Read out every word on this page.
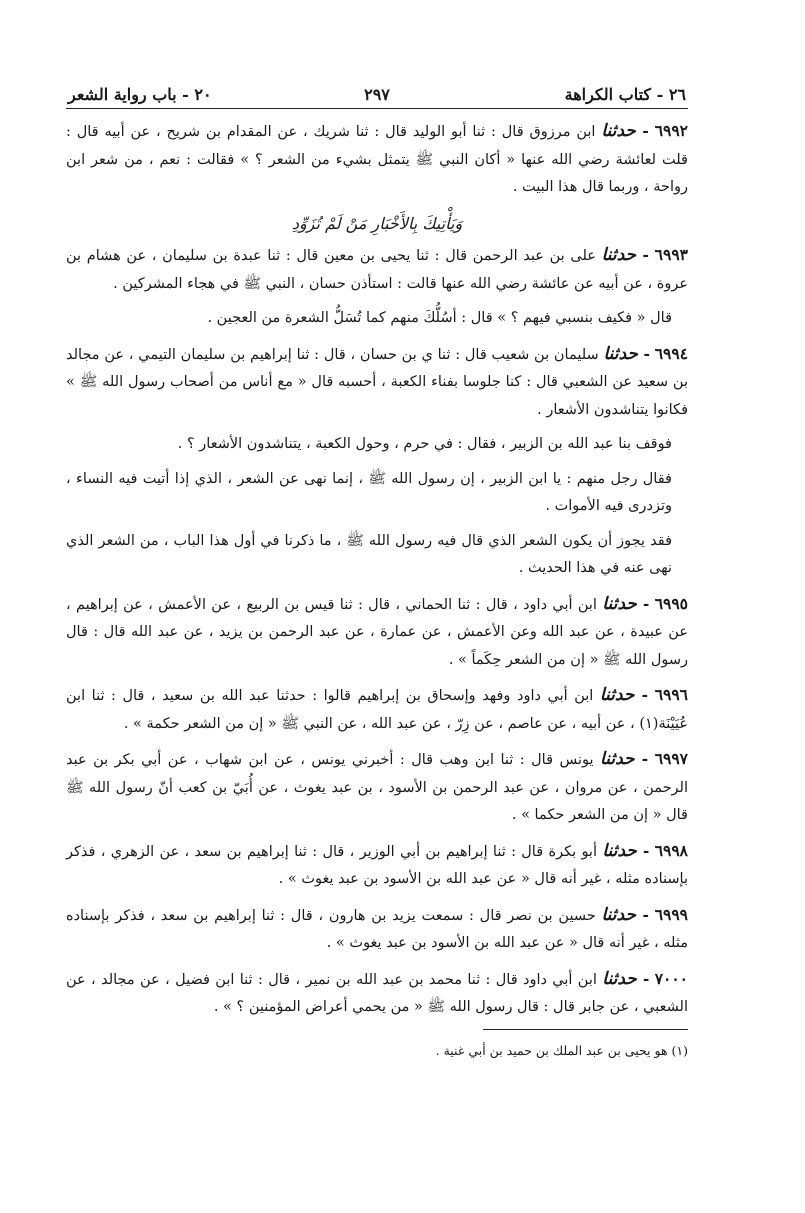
٢٦ - كتاب الكراهة
٢٩٧
٢٠ - باب رواية الشعر

٦٩٩٢ - حدثنا ابن مرزوق قال : ثنا أبو الوليد قال : ثنا شريك ، عن المقدام بن شريح ، عن أبيه قال : قلت لعائشة رضي الله عنها « أكان النبي ﷺ يتمثل بشيء من الشعر ؟ » فقالت : نعم ، من شعر ابن رواحة ، وربما قال هذا البيت .

وَيَأْتِيكَ بِالأَخْبَارِ مَنْ لَمْ تُزَوِّدِ

٦٩٩٣ - حدثنا على بن عبد الرحمن قال : ثنا يحيى بن معين قال : ثنا عبدة بن سليمان ، عن هشام بن عروة ، عن أبيه عن عائشة رضي الله عنها قالت : استأذن حسان ، النبي ﷺ في هجاء المشركين .

قال « فكيف بنسبي فيهم ؟ » قال : أسُلُّكَ منهم كما تُسَلُّ الشعرة من العجين .

٦٩٩٤ - حدثنا سليمان بن شعيب قال : ثنا ي بن حسان ، قال : ثنا إبراهيم بن سليمان التيمي ، عن مجالد بن سعيد عن الشعبي قال : كنا جلوسا بفناء الكعبة ، أحسبه قال « مع أناس من أصحاب رسول الله ﷺ » فكانوا يتناشدون الأشعار .

فوقف بنا عبد الله بن الزبير ، فقال : في حرم ، وحول الكعبة ، يتناشدون الأشعار ؟ .

فقال رجل منهم : يا ابن الزبير ، إن رسول الله ﷺ ، إنما نهى عن الشعر ، الذي إذا أتيت فيه النساء ، وتزدرى فيه الأموات .

فقد يجوز أن يكون الشعر الذي قال فيه رسول الله ﷺ ، ما ذكرنا في أول هذا الباب ، من الشعر الذي نهى عنه في هذا الحديث .

٦٩٩٥ - حدثنا ابن أبي داود ، قال : ثنا الحماني ، قال : ثنا قيس بن الربيع ، عن الأعمش ، عن إبراهيم ، عن عبيدة ، عن عبد الله وعن الأعمش ، عن عمارة ، عن عبد الرحمن بن يزيد ، عن عبد الله قال : قال رسول الله ﷺ « إن من الشعر حِكَماً » .

٦٩٩٦ - حدثنا ابن أبي داود وفهد وإسحاق بن إبراهيم قالوا : حدثنا عبد الله بن سعيد ، قال : ثنا ابن عُيَيْنَة(١) ، عن أبيه ، عن عاصم ، عن زِرّ ، عن عبد الله ، عن النبي ﷺ « إن من الشعر حكمة » .

٦٩٩٧ - حدثنا يونس قال : ثنا ابن وهب قال : أخبرني يونس ، عن ابن شهاب ، عن أبي بكر بن عبد الرحمن ، عن مروان ، عن عبد الرحمن بن الأسود ، بن عبد يغوث ، عن أُبَيّ بن كعب أنّ رسول الله ﷺ قال « إن من الشعر حكما » .

٦٩٩٨ - حدثنا أبو بكرة قال : ثنا إبراهيم بن أبي الوزير ، قال : ثنا إبراهيم بن سعد ، عن الزهري ، فذكر بإسناده مثله ، غير أنه قال « عن عبد الله بن الأسود بن عبد يغوث » .

٦٩٩٩ - حدثنا حسين بن نصر قال : سمعت يزيد بن هارون ، قال : ثنا إبراهيم بن سعد ، فذكر بإسناده مثله ، غير أنه قال « عن عبد الله بن الأسود بن عبد يغوث » .

٧٠٠٠ - حدثنا ابن أبي داود قال : ثنا محمد بن عبد الله بن نمير ، قال : ثنا ابن فضيل ، عن مجالد ، عن الشعبي ، عن جابر قال : قال رسول الله ﷺ « من يحمي أعراض المؤمنين ؟ » .

(١) هو يحيى بن عبد الملك بن حميد بن أبي غنية .
